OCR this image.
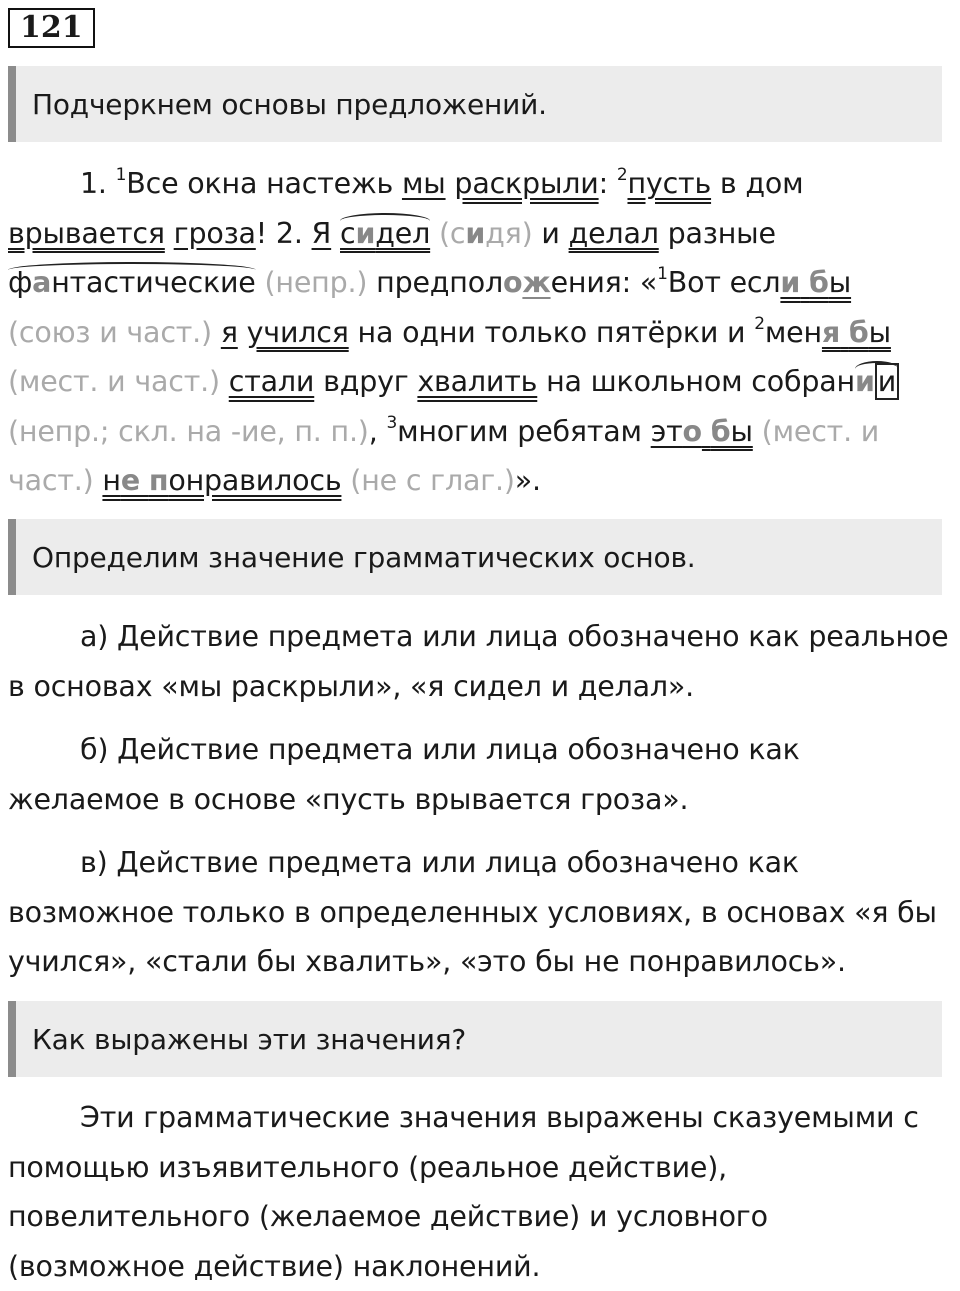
121
Подчеркнем основы предложений.

1. $^1$Все окна настежь мы раскрыли: $^2$пусть в дом врывается гроза! 2. Я сидел (сидя) и делал разные
фантастические (непр.) предположения: «$^1$Вот если бы
(союз и част.) я учился на одни только пятёрки и $^2$меня бы
(мест. и част.) стали вдруг хвалить на школьном собрани и
(непр.; скл. на -ие, п. п.), $^3$многим ребятам это бы (мест. и част.) не понравилось (не с глаг.)».

Определим значение грамматических основ.

а) Действие предмета или лица обозначено как реальное в основах «мы раскрыли», «я сидел и делал».

б) Действие предмета или лица обозначено как желаемое в основе «пусть врывается гроза».

в) Действие предмета или лица обозначено как возможное только в определенных условиях, в основах «я бы учился», «стали бы хвалить», «это бы не понравилось».

Как выражены эти значения?

Эти грамматические значения выражены сказуемыми с помощью изъявительного (реальное действие), повелительного (желаемое действие) и условного (возможное действие) наклонений.
